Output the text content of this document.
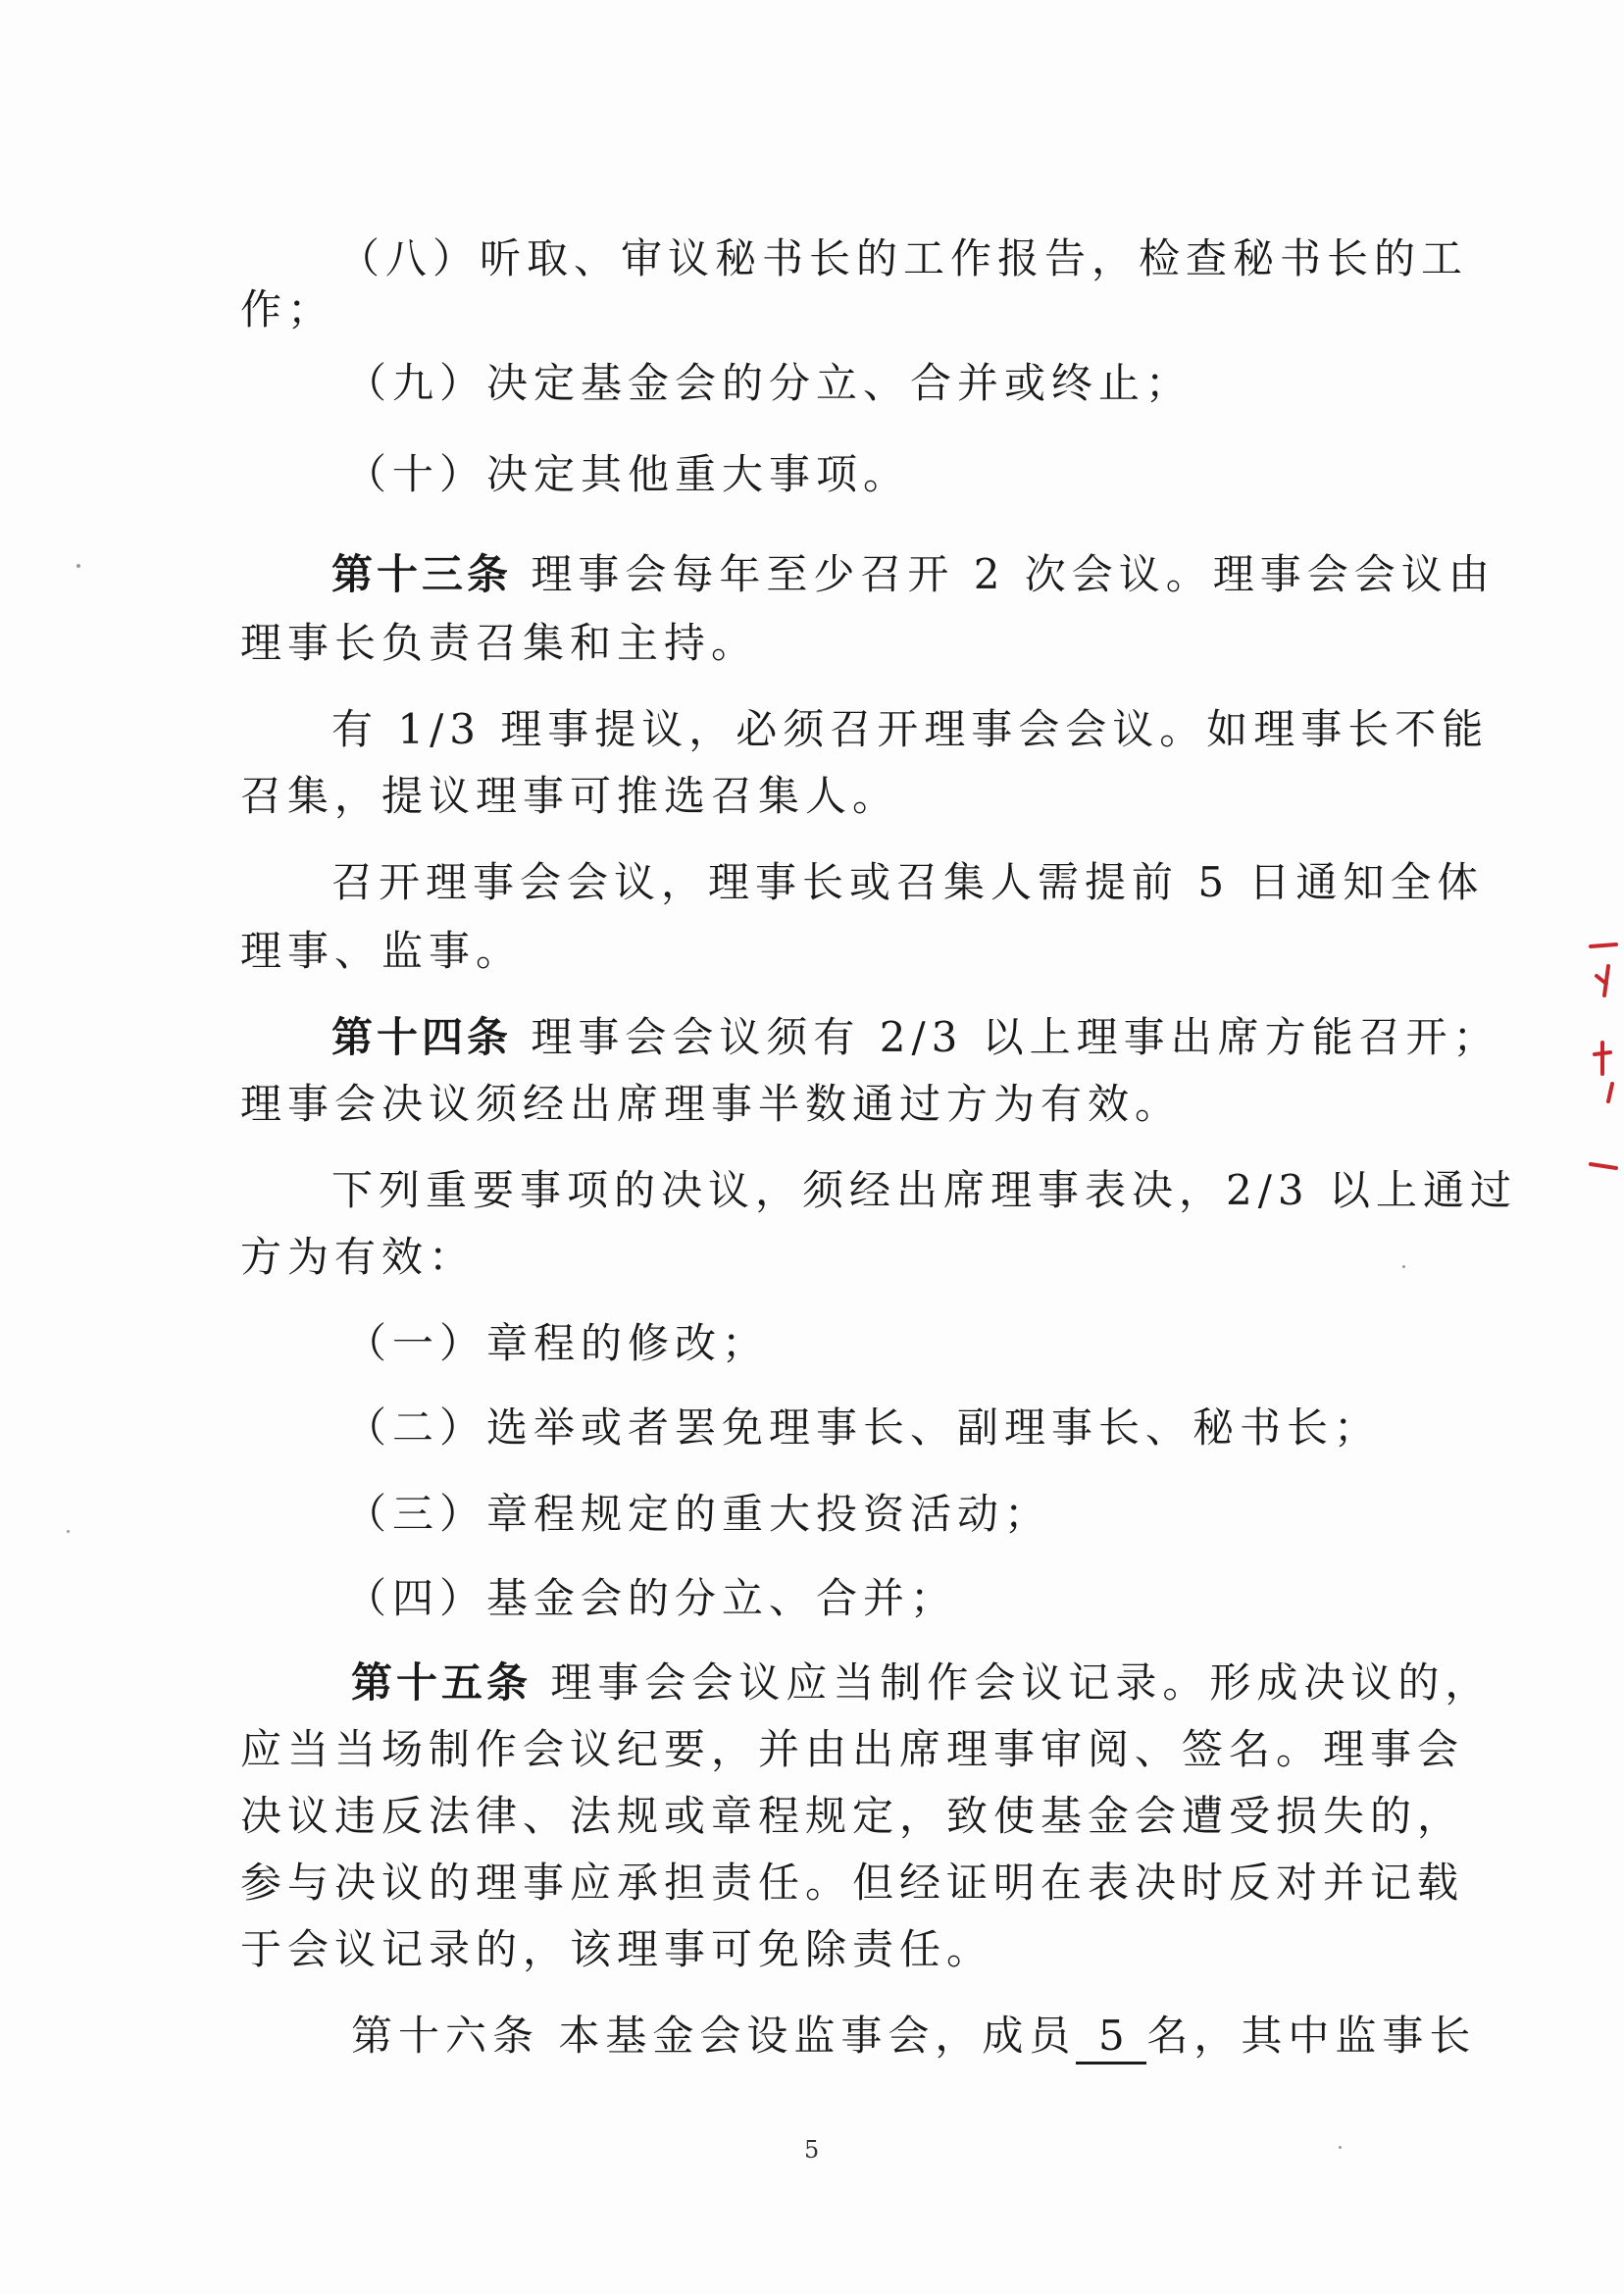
（八）听取、审议秘书长的工作报告，检查秘书长的工
作；
（九）决定基金会的分立、合并或终止；
（十）决定其他重大事项。
第十三条 理事会每年至少召开 2 次会议。理事会会议由
理事长负责召集和主持。
有 1/3 理事提议，必须召开理事会会议。如理事长不能
召集，提议理事可推选召集人。
召开理事会会议，理事长或召集人需提前 5 日通知全体
理事、监事。
第十四条 理事会会议须有 2/3 以上理事出席方能召开；
理事会决议须经出席理事半数通过方为有效。
下列重要事项的决议，须经出席理事表决，2/3 以上通过
方为有效：
（一）章程的修改；
（二）选举或者罢免理事长、副理事长、秘书长；
（三）章程规定的重大投资活动；
（四）基金会的分立、合并；
第十五条 理事会会议应当制作会议记录。形成决议的，
应当当场制作会议纪要，并由出席理事审阅、签名。理事会
决议违反法律、法规或章程规定，致使基金会遭受损失的，
参与决议的理事应承担责任。但经证明在表决时反对并记载
于会议记录的，该理事可免除责任。
第十六条 本基金会设监事会，成员 5 名，其中监事长
5
